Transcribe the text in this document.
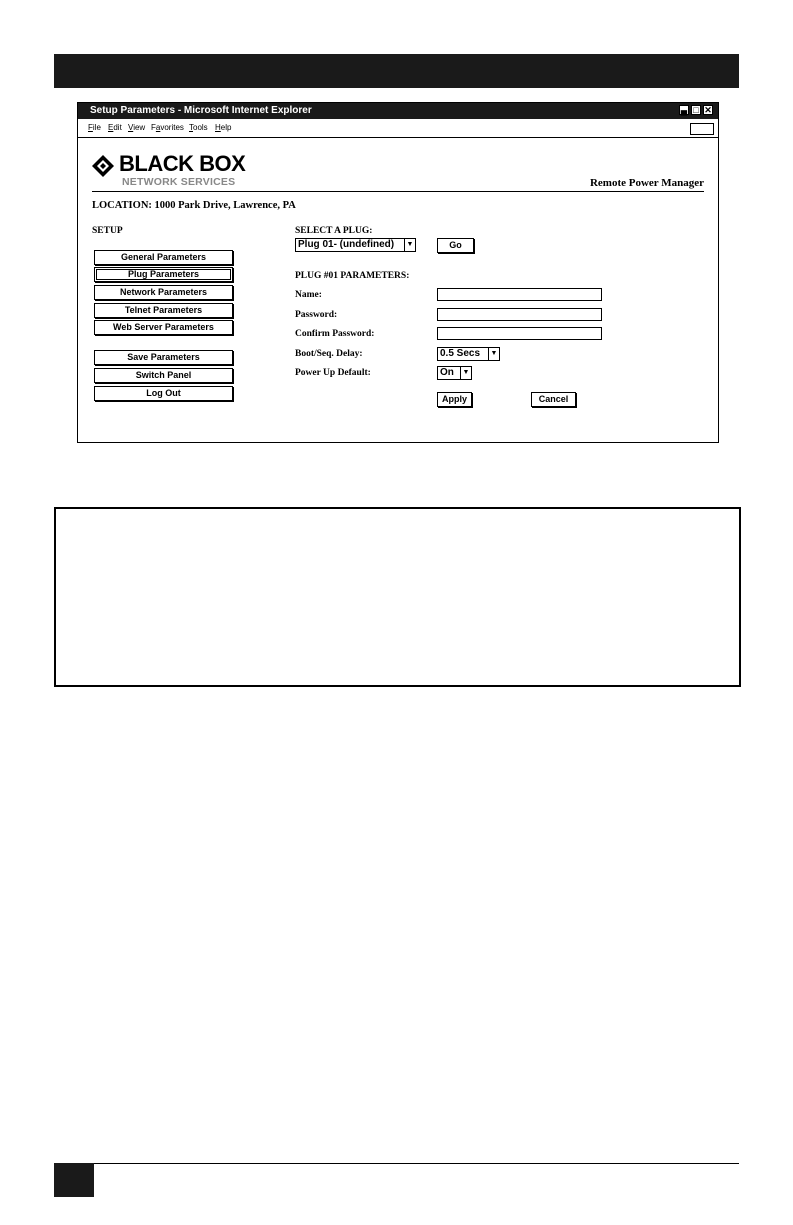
Setup Parameters - Microsoft Internet Explorer	▄ □ ✕
File Edit View Favorites Tools Help
BLACK BOX
NETWORK SERVICES	Remote Power Manager
LOCATION: 1000 Park Drive, Lawrence, PA
SETUP
General Parameters
Plug Parameters
Network Parameters
Telnet Parameters
Web Server Parameters
Save Parameters
Switch Panel
Log Out
SELECT A PLUG:
Plug 01- (undefined)	▼	Go
PLUG #01 PARAMETERS:
Name:
Password:
Confirm Password:
Boot/Seq. Delay:	0.5 Secs	▼
Power Up Default:	On	▼
Apply	Cancel
